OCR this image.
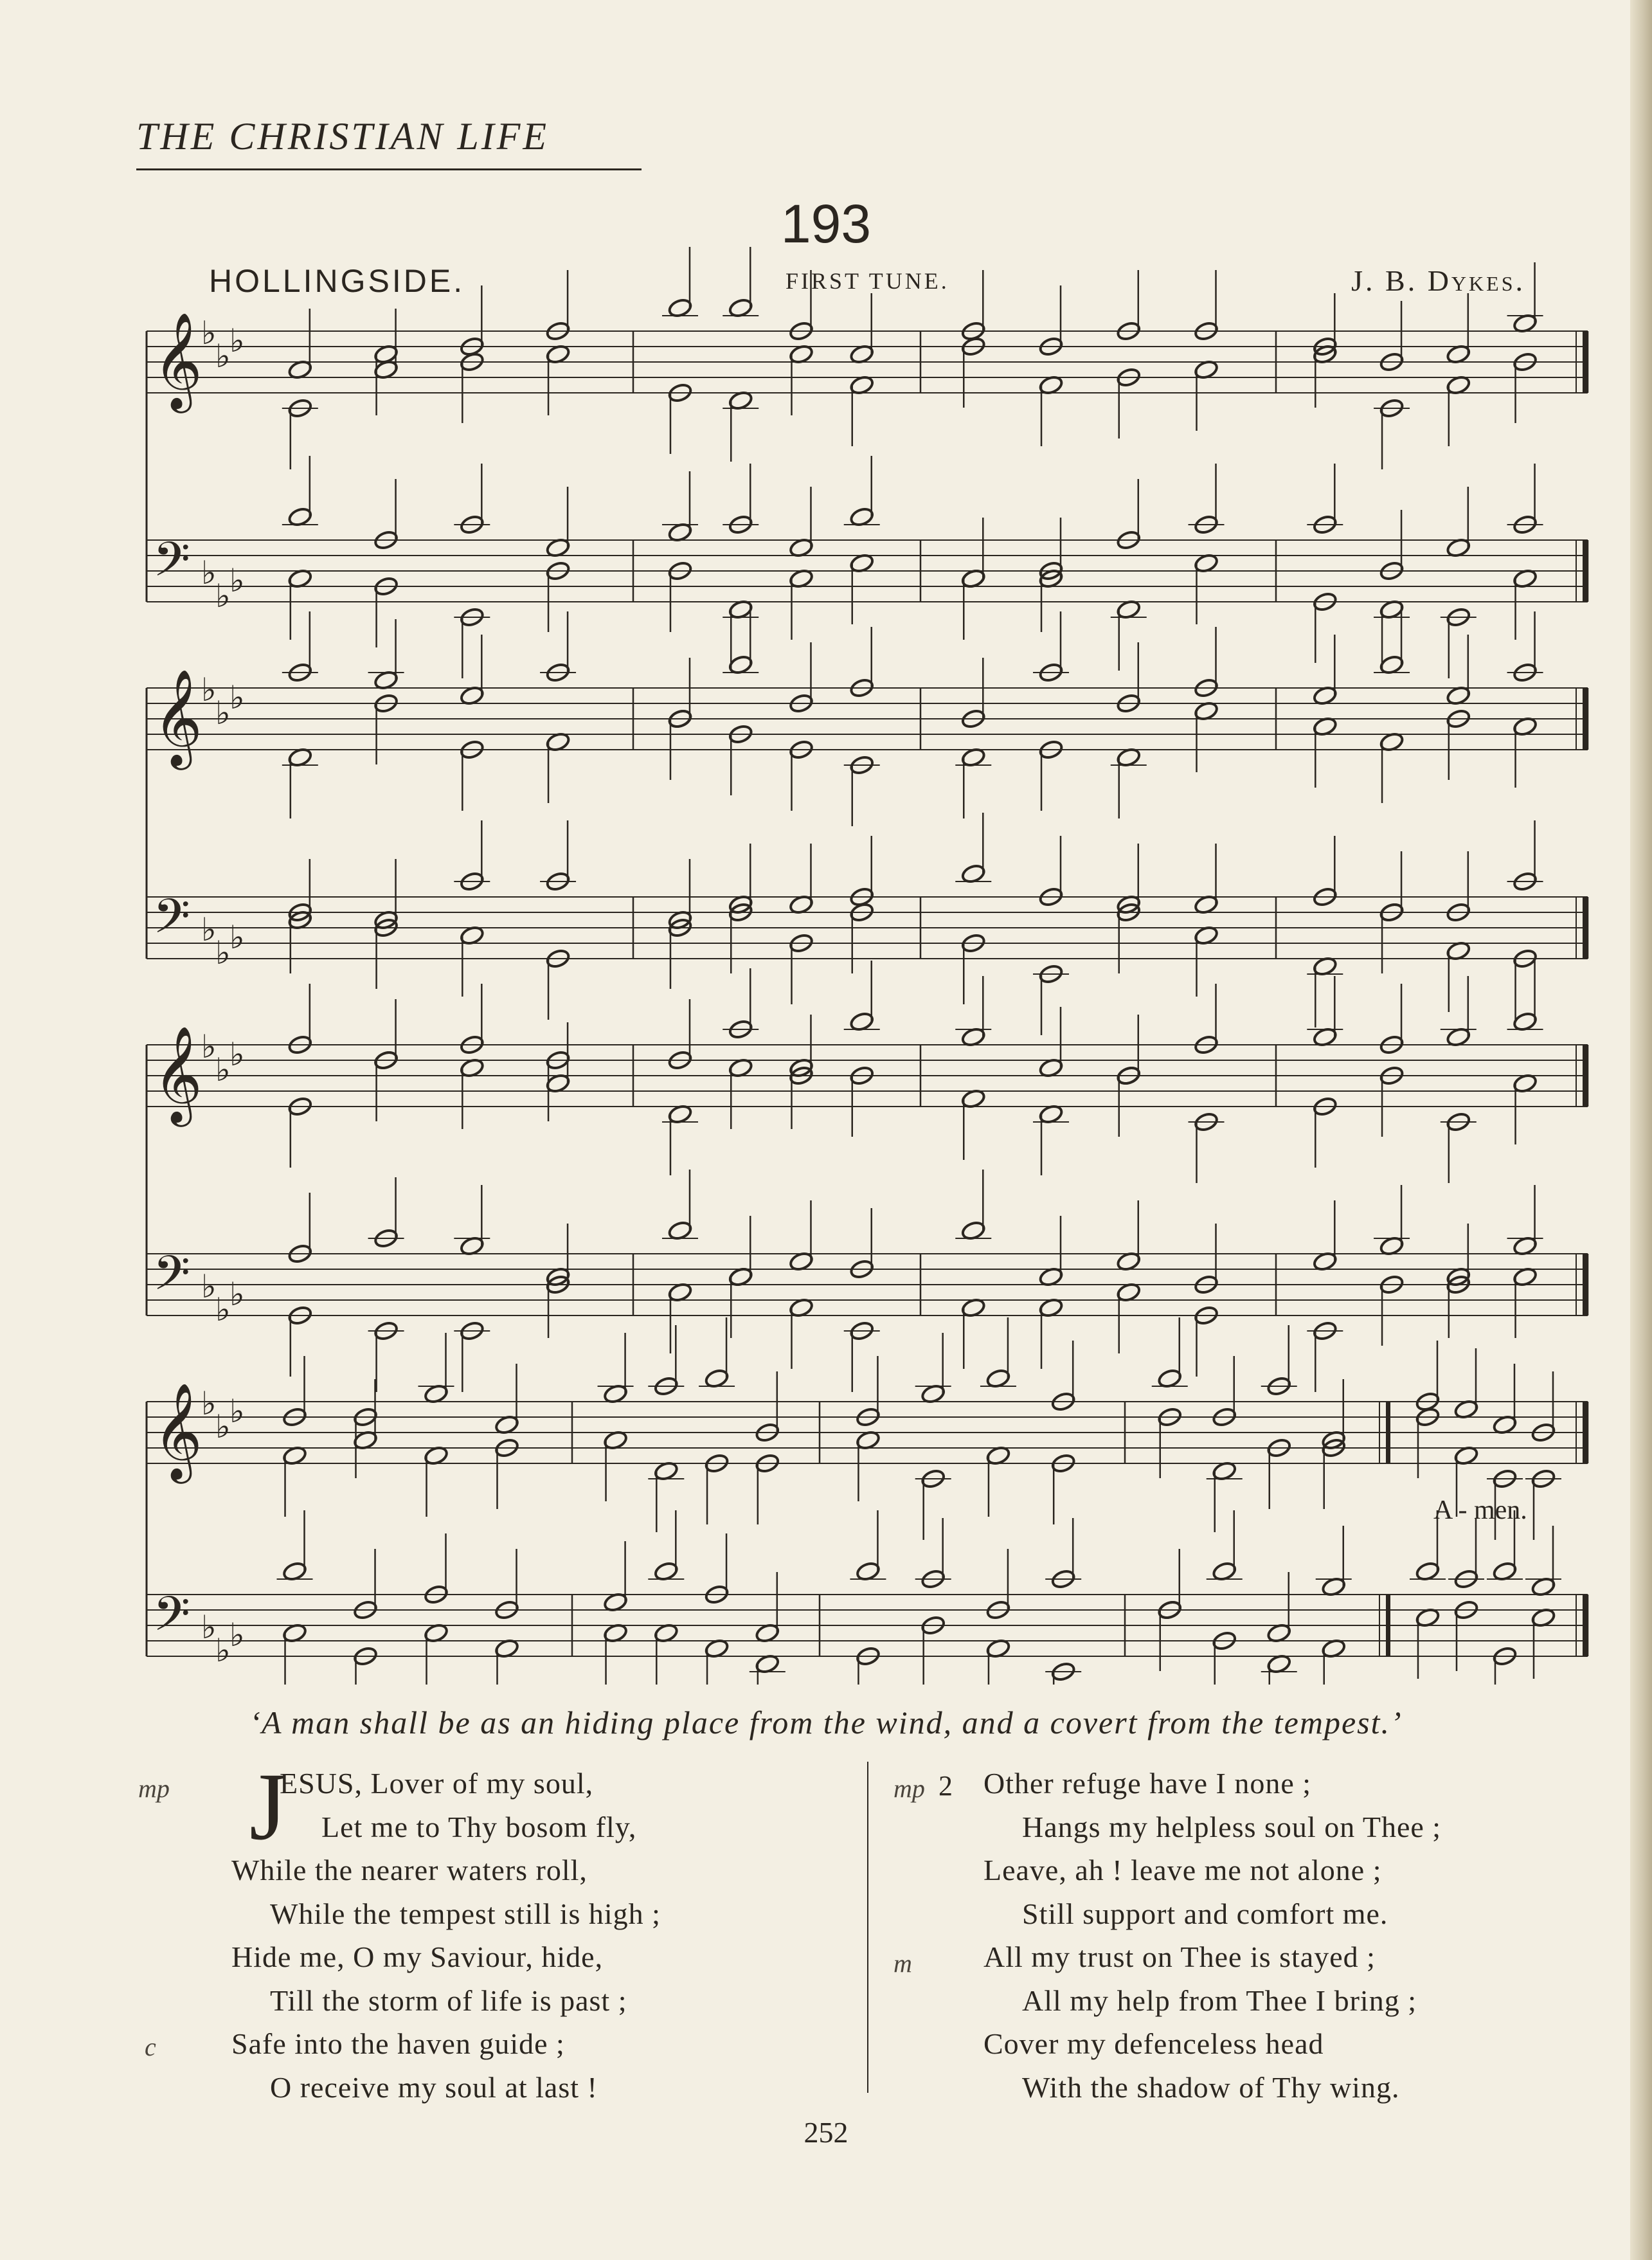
THE CHRISTIAN LIFE
193
HOLLINGSIDE.	FIRST TUNE.	J. B. Dykes.
𝄞
♭
♭
♭
𝄢 ♭
♭
♭
𝄞
♭
♭
♭
𝄢 ♭
♭
♭
𝄞
♭
♭
♭
𝄢 ♭
♭
♭
𝄞
♭
♭
♭
𝄢 ♭
♭
♭
A - men.
‘A man shall be as an hiding place from the wind, and a covert from the tempest.’
J
mp
c
ESUS, Lover of my soul,
Let me to Thy bosom fly,
While the nearer waters roll,
While the tempest still is high ;
Hide me, O my Saviour, hide,
Till the storm of life is past ;
Safe into the haven guide ;
O receive my soul at last !
mp
m
2 Other refuge have I none ;
Hangs my helpless soul on Thee ;
Leave, ah ! leave me not alone ;
Still support and comfort me.
All my trust on Thee is stayed ;
All my help from Thee I bring ;
Cover my defenceless head
With the shadow of Thy wing.
252
